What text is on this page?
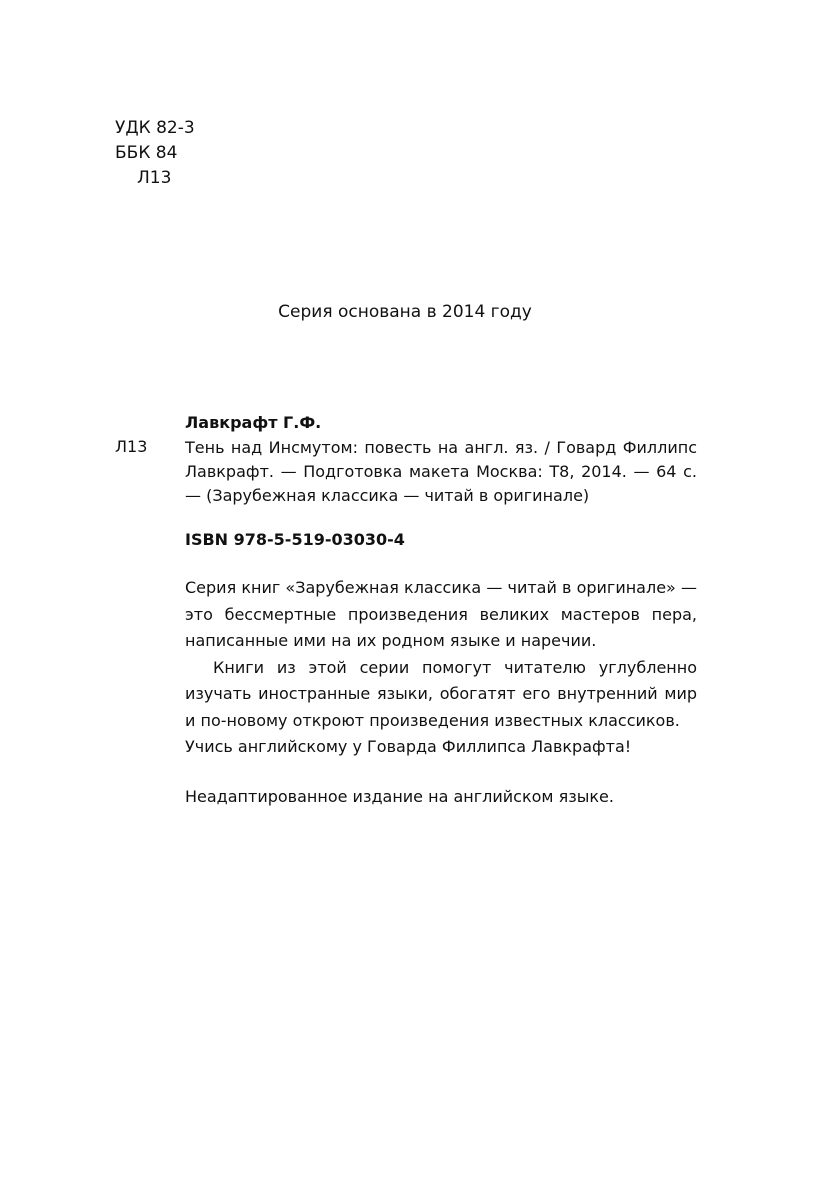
УДК 82-3
ББК 84
Л13
Серия основана в 2014 году
Л13
Лавкрафт Г.Ф.
Тень над Инсмутом: повесть на англ. яз. / Говард Филлипс Лавкрафт. — Подготовка макета Москва: Т8, 2014. — 64 с. — (Зарубежная классика — читай в оригинале)
ISBN 978-5-519-03030-4

Серия книг «Зарубежная классика — читай в оригинале» — это бессмертные произведения великих мастеров пера, написанные ими на их родном языке и наречии.

Книги из этой серии помогут читателю углубленно изучать иностранные языки, обогатят его внутренний мир и по-новому откроют произведения известных классиков.

Учись английскому у Говарда Филлипса Лавкрафта!

Неадаптированное издание на английском языке.
